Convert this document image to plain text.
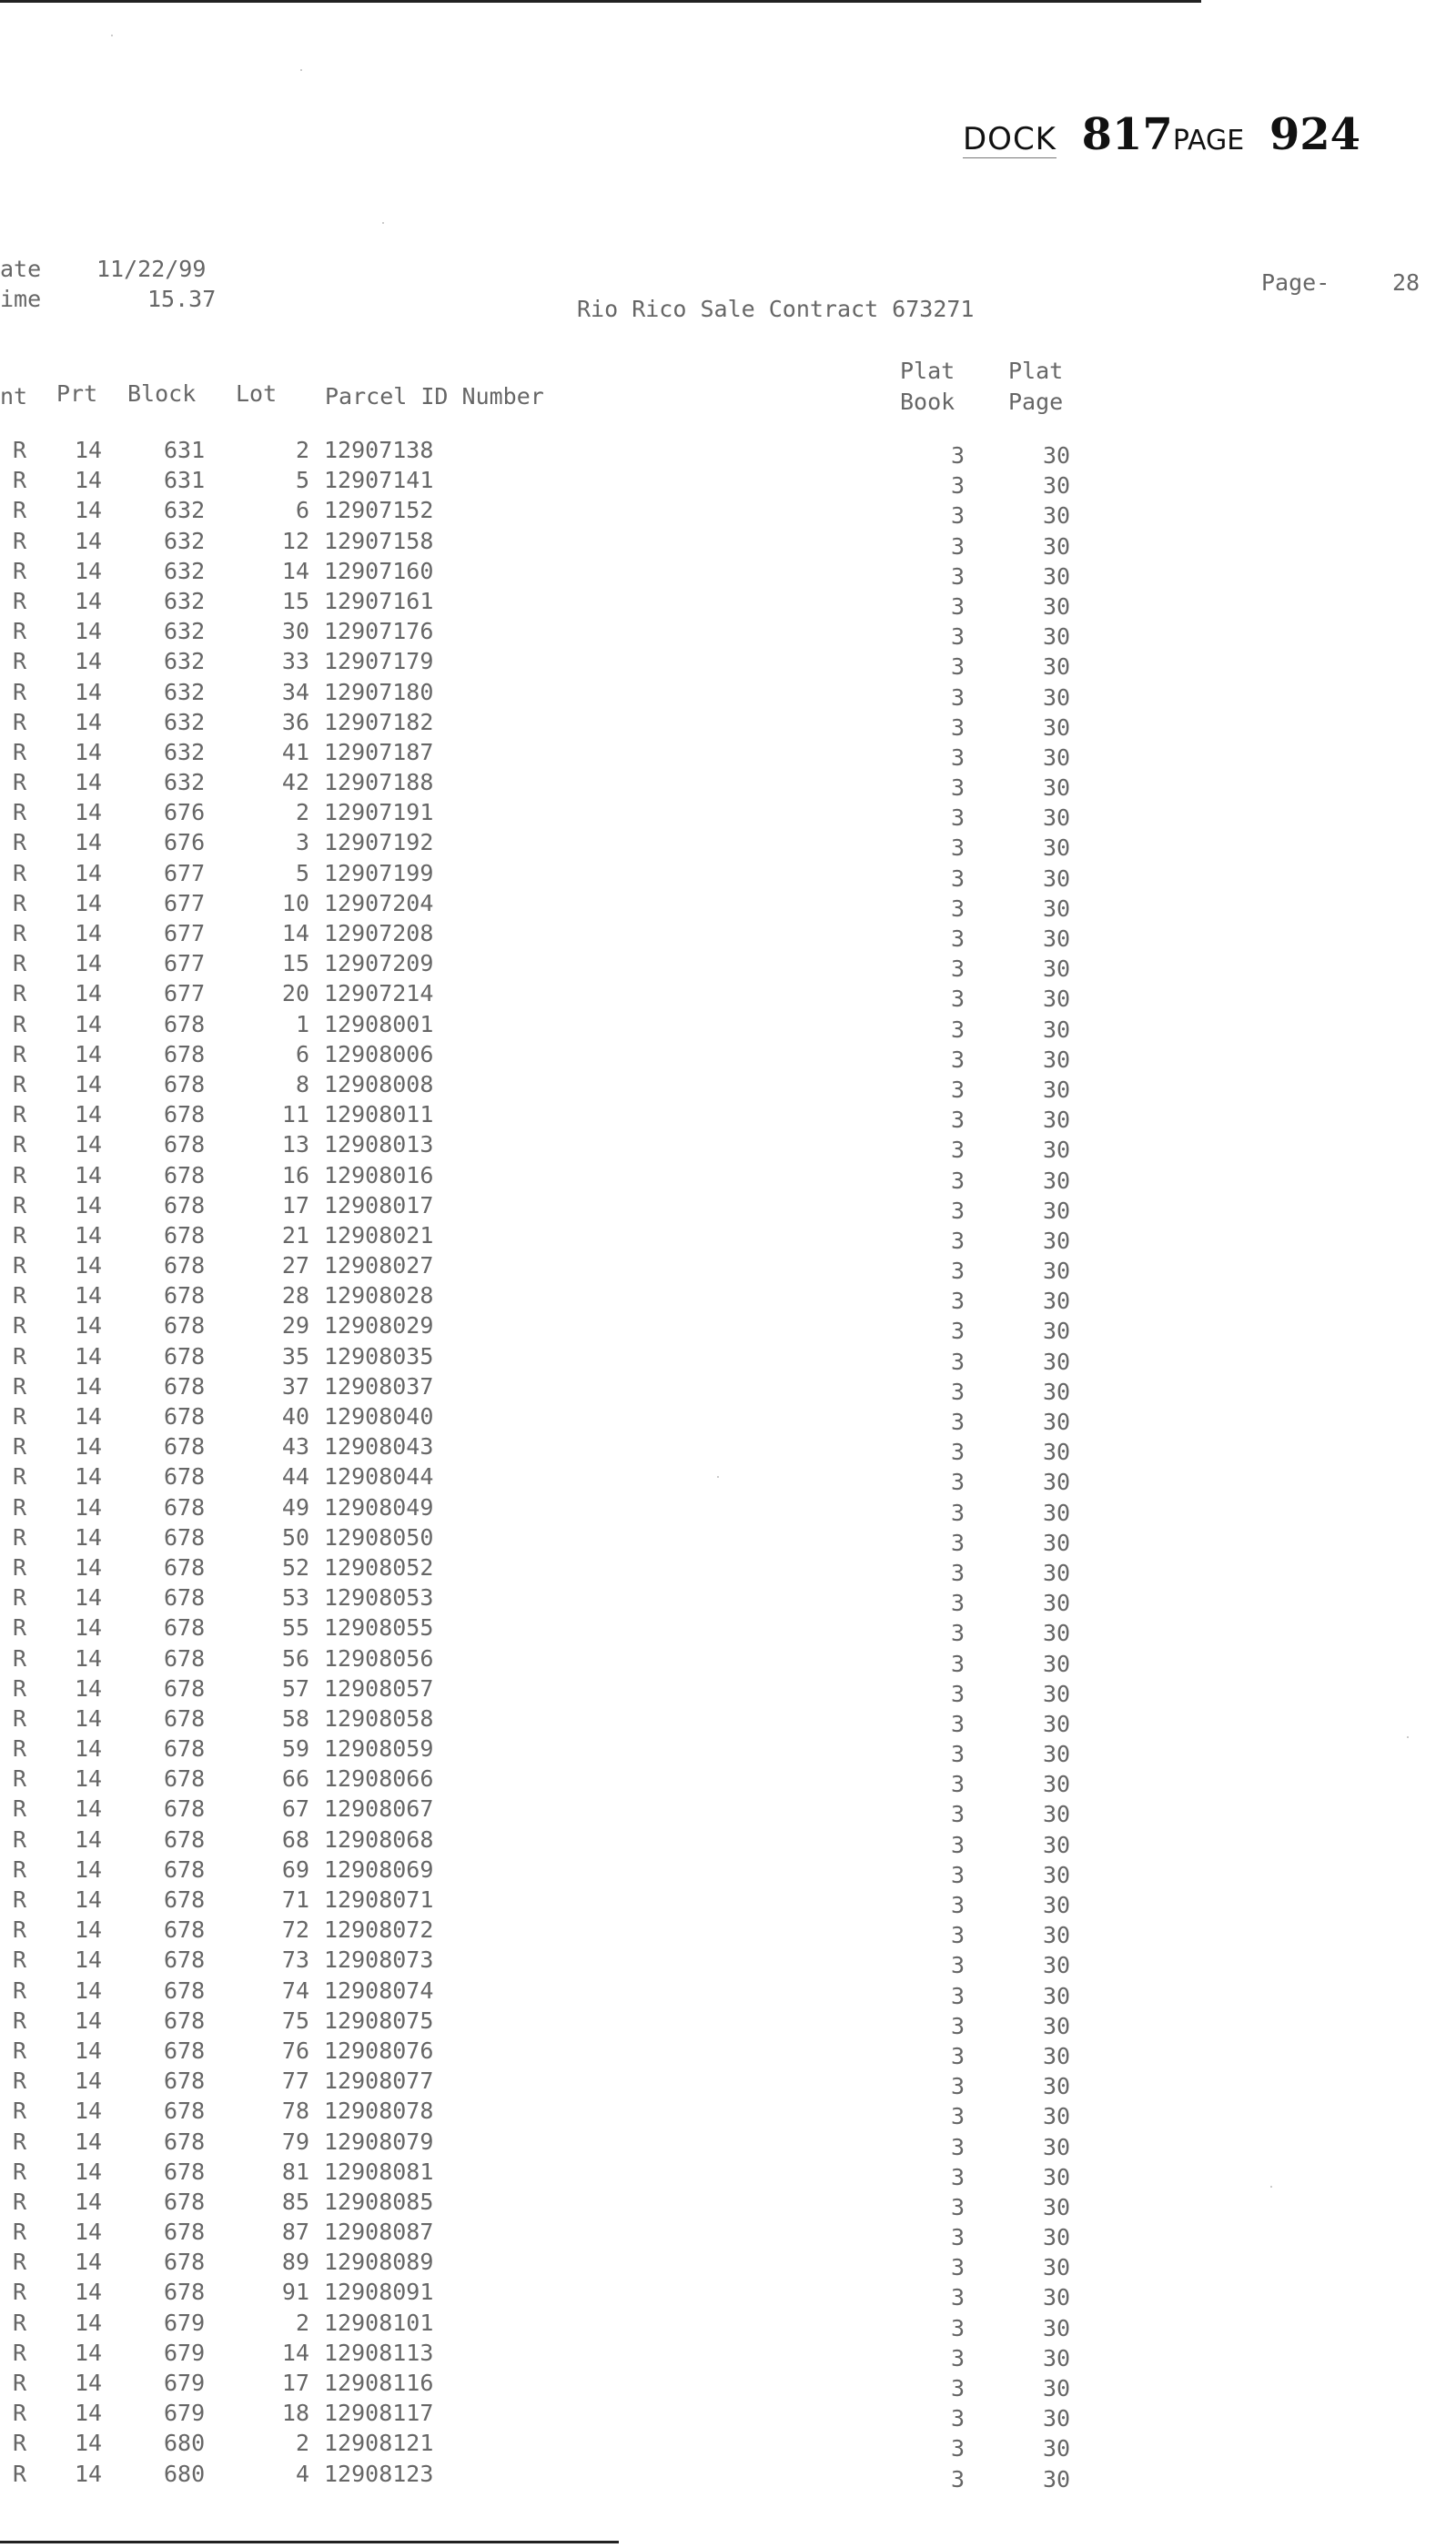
DOCK 817PAGE 924
ate 11/22/99
ime	15.37	Rio Rico Sale Contract 673271
Page-	28
nt Prt Block Lot Parcel ID Number
Plat
Book
Plat
Page
R 14	631	2 12907138	3	30
R 14	631	5 12907141	3	30
R 14	632	6 12907152	3	30
R 14	632	12 12907158	3	30
R 14	632	14 12907160	3	30
R 14	632	15 12907161	3	30
R 14	632	30 12907176	3	30
R 14	632	33 12907179	3	30
R 14	632	34 12907180	3	30
R 14	632	36 12907182	3	30
R 14	632	41 12907187	3	30
R 14	632	42 12907188	3	30
R 14	676	2 12907191	3	30
R 14	676	3 12907192	3	30
R 14	677	5 12907199	3	30
R 14	677	10 12907204	3	30
R 14	677	14 12907208	3	30
R 14	677	15 12907209	3	30
R 14	677	20 12907214	3	30
R 14	678	1 12908001	3	30
R 14	678	6 12908006	3	30
R 14	678	8 12908008	3	30
R 14	678	11 12908011	3	30
R 14	678	13 12908013	3	30
R 14	678	16 12908016	3	30
R 14	678	17 12908017	3	30
R 14	678	21 12908021	3	30
R 14	678	27 12908027	3	30
R 14	678	28 12908028	3	30
R 14	678	29 12908029	3	30
R 14	678	35 12908035	3	30
R 14	678	37 12908037	3	30
R 14	678	40 12908040	3	30
R 14	678	43 12908043	3	30
R 14	678	44 12908044	3	30
R 14	678	49 12908049	3	30
R 14	678	50 12908050	3	30
R 14	678	52 12908052	3	30
R 14	678	53 12908053	3	30
R 14	678	55 12908055	3	30
R 14	678	56 12908056	3	30
R 14	678	57 12908057	3	30
R 14	678	58 12908058	3	30
R 14	678	59 12908059	3	30
R 14	678	66 12908066	3	30
R 14	678	67 12908067	3	30
R 14	678	68 12908068	3	30
R 14	678	69 12908069	3	30
R 14	678	71 12908071	3	30
R 14	678	72 12908072	3	30
R 14	678	73 12908073	3	30
R 14	678	74 12908074	3	30
R 14	678	75 12908075	3	30
R 14	678	76 12908076	3	30
R 14	678	77 12908077	3	30
R 14	678	78 12908078	3	30
R 14	678	79 12908079	3	30
R 14	678	81 12908081	3	30
R 14	678	85 12908085	3	30
R 14	678	87 12908087	3	30
R 14	678	89 12908089	3	30
R 14	678	91 12908091	3	30
R 14	679	2 12908101	3	30
R 14	679	14 12908113	3	30
R 14	679	17 12908116	3	30
R 14	679	18 12908117	3	30
R 14	680	2 12908121	3	30
R 14	680	4 12908123	3	30
